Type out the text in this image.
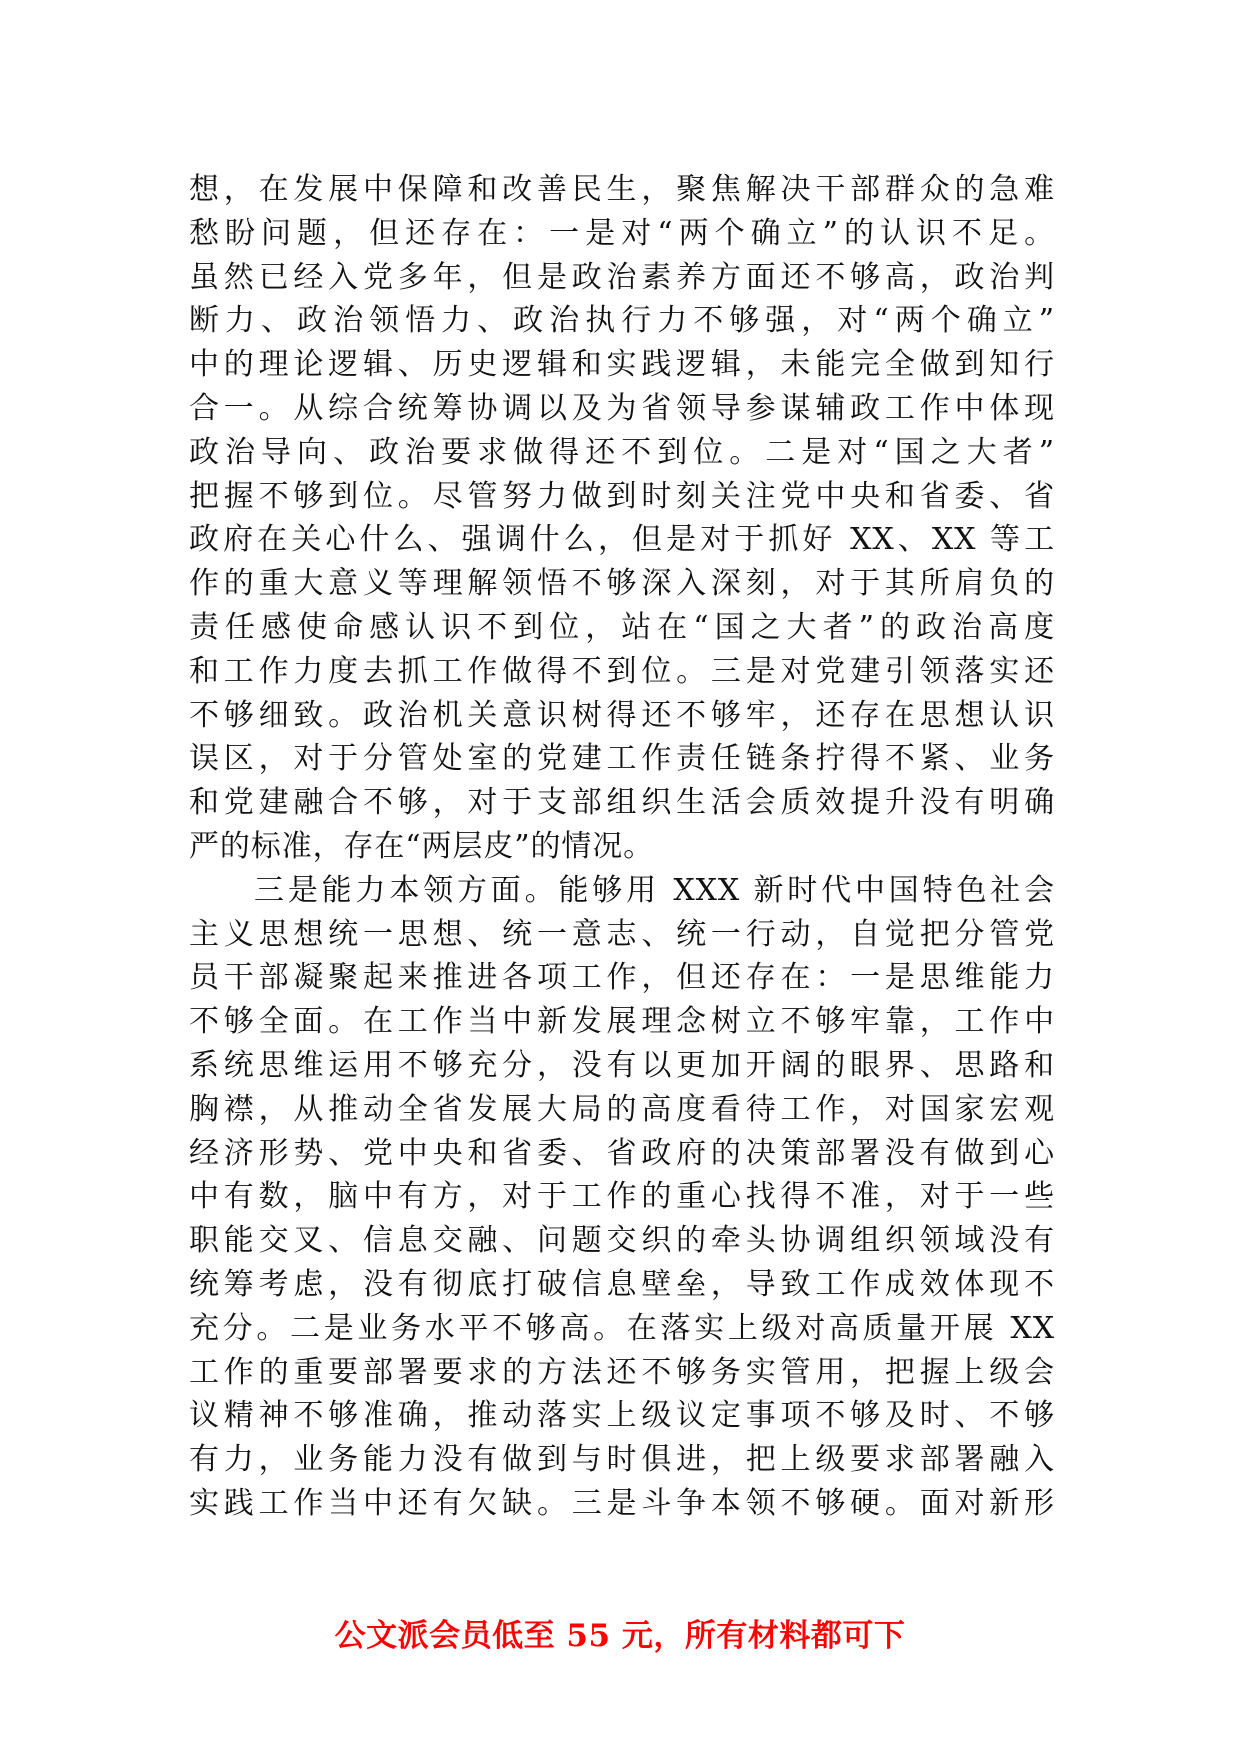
想，在发展中保障和改善民生，聚焦解决干部群众的急难
愁盼问题，但还存在：一是对“两个确立”的认识不足。
虽然已经入党多年，但是政治素养方面还不够高，政治判
断力、政治领悟力、政治执行力不够强，对“两个确立”
中的理论逻辑、历史逻辑和实践逻辑，未能完全做到知行
合一。从综合统筹协调以及为省领导参谋辅政工作中体现
政治导向、政治要求做得还不到位。二是对“国之大者”
把握不够到位。尽管努力做到时刻关注党中央和省委、省
政府在关心什么、强调什么，但是对于抓好 XX、XX 等工
作的重大意义等理解领悟不够深入深刻，对于其所肩负的
责任感使命感认识不到位，站在“国之大者”的政治高度
和工作力度去抓工作做得不到位。三是对党建引领落实还
不够细致。政治机关意识树得还不够牢，还存在思想认识
误区，对于分管处室的党建工作责任链条拧得不紧、业务
和党建融合不够，对于支部组织生活会质效提升没有明确
严的标准，存在“两层皮”的情况。
三是能力本领方面。能够用 XXX 新时代中国特色社会
主义思想统一思想、统一意志、统一行动，自觉把分管党
员干部凝聚起来推进各项工作，但还存在：一是思维能力
不够全面。在工作当中新发展理念树立不够牢靠，工作中
系统思维运用不够充分，没有以更加开阔的眼界、思路和
胸襟，从推动全省发展大局的高度看待工作，对国家宏观
经济形势、党中央和省委、省政府的决策部署没有做到心
中有数，脑中有方，对于工作的重心找得不准，对于一些
职能交叉、信息交融、问题交织的牵头协调组织领域没有
统筹考虑，没有彻底打破信息壁垒，导致工作成效体现不
充分。二是业务水平不够高。在落实上级对高质量开展 XX
工作的重要部署要求的方法还不够务实管用，把握上级会
议精神不够准确，推动落实上级议定事项不够及时、不够
有力，业务能力没有做到与时俱进，把上级要求部署融入
实践工作当中还有欠缺。三是斗争本领不够硬。面对新形
公文派会员低至 55 元，所有材料都可下
